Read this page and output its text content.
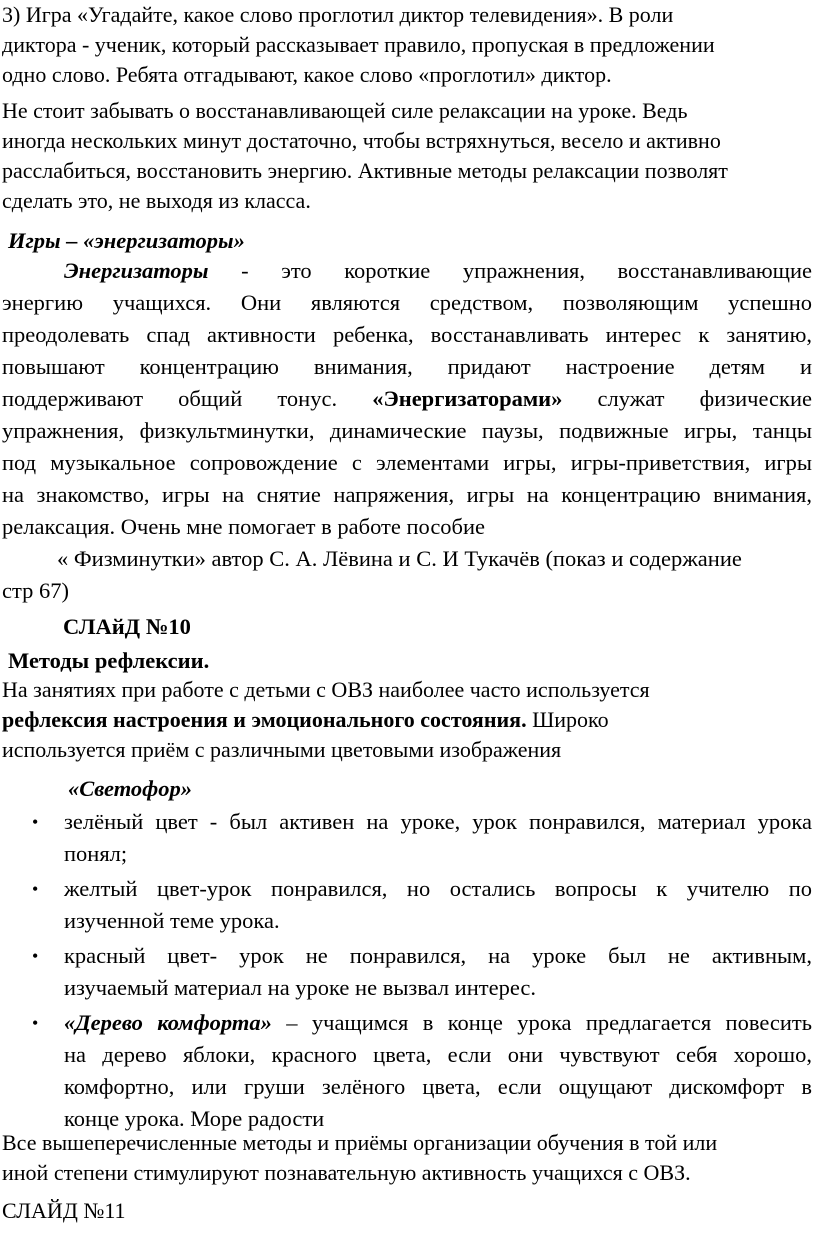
3) Игра «Угадайте, какое слово проглотил диктор телевидения». В роли
диктора - ученик, который рассказывает правило, пропуская в предложении
одно слово. Ребята отгадывают, какое слово «проглотил» диктор.
Не стоит забывать о восстанавливающей силе релаксации на уроке. Ведь
иногда нескольких минут достаточно, чтобы встряхнуться, весело и активно
расслабиться, восстановить энергию. Активные методы релаксации позволят
сделать это, не выходя из класса.
Игры – «энергизаторы»
Энергизаторы - это короткие упражнения, восстанавливающие
энергию учащихся. Они являются средством, позволяющим успешно
преодолевать спад активности ребенка, восстанавливать интерес к занятию,
повышают концентрацию внимания, придают настроение детям и
поддерживают общий тонус. «Энергизаторами» служат физические
упражнения, физкультминутки, динамические паузы, подвижные игры, танцы
под музыкальное сопровождение с элементами игры, игры-приветствия, игры
на знакомство, игры на снятие напряжения, игры на концентрацию внимания,
релаксация. Очень мне помогает в работе пособие
« Физминутки» автор С. А. Лёвина и С. И Тукачёв (показ и содержание
стр 67)
СЛАйД №10
Методы рефлексии.
На занятиях при работе с детьми с ОВЗ наиболее часто используется
рефлексия настроения и эмоционального состояния. Широко
используется приём с различными цветовыми изображения
«Светофор»
• зелёный цвет - был активен на уроке, урок понравился, материал урока
понял;
• желтый цвет-урок понравился, но остались вопросы к учителю по
изученной теме урока.
• красный цвет- урок не понравился, на уроке был не активным,
изучаемый материал на уроке не вызвал интерес.
• «Дерево комфорта» – учащимся в конце урока предлагается повесить
на дерево яблоки, красного цвета, если они чувствуют себя хорошо,
комфортно, или груши зелёного цвета, если ощущают дискомфорт в
конце урока. Море радости
Все вышеперечисленные методы и приёмы организации обучения в той или
иной степени стимулируют познавательную активность учащихся с ОВЗ.
СЛАЙД №11
